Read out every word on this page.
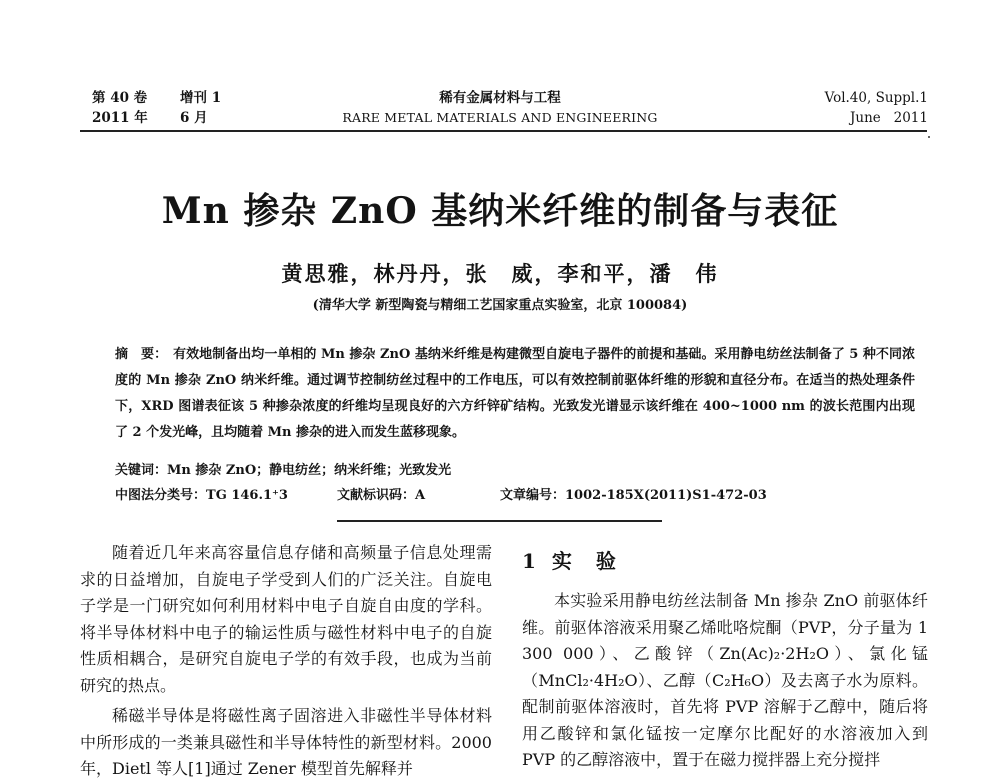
第 40 卷 增刊 1
2011 年 6 月
稀有金属材料与工程
RARE METAL MATERIALS AND ENGINEERING
Vol.40, Suppl.1
June   2011
Mn 掺杂 ZnO 基纳米纤维的制备与表征
黄思雅，林丹丹，张　威，李和平，潘　伟
(清华大学 新型陶瓷与精细工艺国家重点实验室，北京 100084)

摘　要： 有效地制备出均一单相的 Mn 掺杂 ZnO 基纳米纤维是构建微型自旋电子器件的前提和基础。采用静电纺丝法制备了 5 种不同浓度的 Mn 掺杂 ZnO 纳米纤维。通过调节控制纺丝过程中的工作电压，可以有效控制前驱体纤维的形貌和直径分布。在适当的热处理条件下，XRD 图谱表征该 5 种掺杂浓度的纤维均呈现良好的六方纤锌矿结构。光致发光谱显示该纤维在 400~1000 nm 的波长范围内出现了 2 个发光峰，且均随着 Mn 掺杂的进入而发生蓝移现象。

关键词：Mn 掺杂 ZnO；静电纺丝；纳米纤维；光致发光
中图法分类号：TG 146.1⁺3	文献标识码：A	文章编号：1002-185X(2011)S1-472-03

随着近几年来高容量信息存储和高频量子信息处理需求的日益增加，自旋电子学受到人们的广泛关注。自旋电子学是一门研究如何利用材料中电子自旋自由度的学科。将半导体材料中电子的输运性质与磁性材料中电子的自旋性质相耦合，是研究自旋电子学的有效手段，也成为当前研究的热点。

稀磁半导体是将磁性离子固溶进入非磁性半导体材料中所形成的一类兼具磁性和半导体特性的新型材料。2000 年，Dietl 等人[1]通过 Zener 模型首先解释并

1 实　验

本实验采用静电纺丝法制备 Mn 掺杂 ZnO 前驱体纤维。前驱体溶液采用聚乙烯吡咯烷酮（PVP，分子量为 1 300 000）、乙酸锌（Zn(Ac)₂·2H₂O）、氯化锰（MnCl₂·4H₂O）、乙醇（C₂H₆O）及去离子水为原料。配制前驱体溶液时，首先将 PVP 溶解于乙醇中，随后将用乙酸锌和氯化锰按一定摩尔比配好的水溶液加入到 PVP 的乙醇溶液中，置于在磁力搅拌器上充分搅拌
